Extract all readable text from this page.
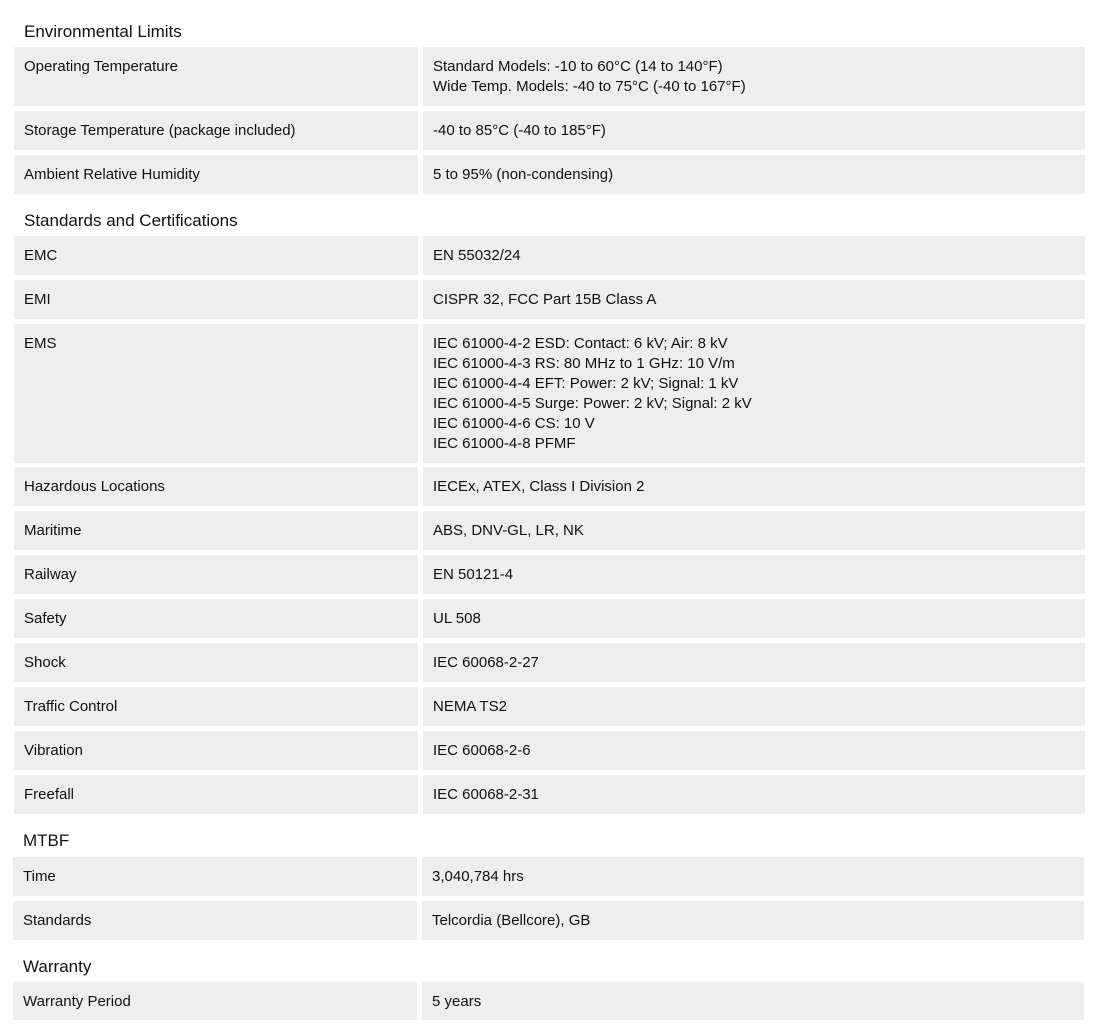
Environmental Limits
Operating Temperature	Standard Models: -10 to 60°C (14 to 140°F)
Wide Temp. Models: -40 to 75°C (-40 to 167°F)
Storage Temperature (package included)	-40 to 85°C (-40 to 185°F)
Ambient Relative Humidity	5 to 95% (non-condensing)
Standards and Certifications
EMC	EN 55032/24
EMI	CISPR 32, FCC Part 15B Class A
EMS	IEC 61000-4-2 ESD: Contact: 6 kV; Air: 8 kV
IEC 61000-4-3 RS: 80 MHz to 1 GHz: 10 V/m
IEC 61000-4-4 EFT: Power: 2 kV; Signal: 1 kV
IEC 61000-4-5 Surge: Power: 2 kV; Signal: 2 kV
IEC 61000-4-6 CS: 10 V
IEC 61000-4-8 PFMF
Hazardous Locations	IECEx, ATEX, Class I Division 2
Maritime	ABS, DNV-GL, LR, NK
Railway	EN 50121-4
Safety	UL 508
Shock	IEC 60068-2-27
Traffic Control	NEMA TS2
Vibration	IEC 60068-2-6
Freefall	IEC 60068-2-31
MTBF
Time	3,040,784 hrs
Standards	Telcordia (Bellcore), GB
Warranty
Warranty Period	5 years
